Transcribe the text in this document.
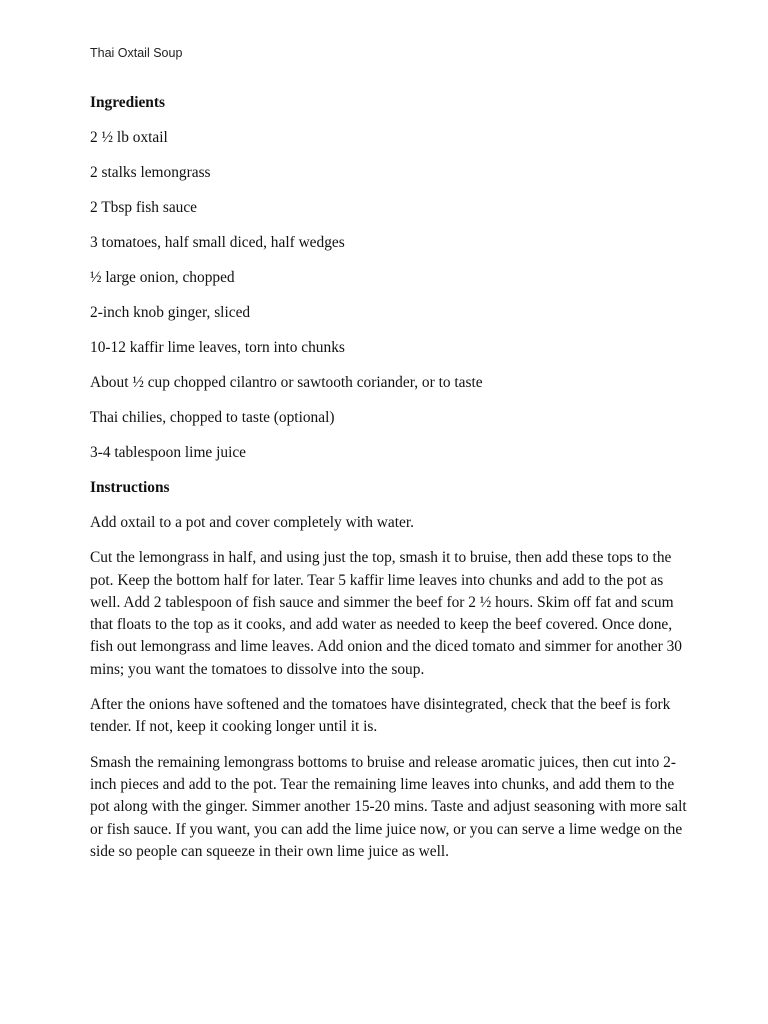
Thai Oxtail Soup
Ingredients
2 ½ lb oxtail
2 stalks lemongrass
2 Tbsp fish sauce
3 tomatoes, half small diced, half wedges
½ large onion, chopped
2-inch knob ginger, sliced
10-12 kaffir lime leaves, torn into chunks
About ½ cup chopped cilantro or sawtooth coriander, or to taste
Thai chilies, chopped to taste (optional)
3-4 tablespoon lime juice
Instructions

Add oxtail to a pot and cover completely with water.

Cut the lemongrass in half, and using just the top, smash it to bruise, then add these tops to the pot. Keep the bottom half for later. Tear 5 kaffir lime leaves into chunks and add to the pot as well. Add 2 tablespoon of fish sauce and simmer the beef for 2 ½ hours. Skim off fat and scum that floats to the top as it cooks, and add water as needed to keep the beef covered. Once done, fish out lemongrass and lime leaves. Add onion and the diced tomato and simmer for another 30 mins; you want the tomatoes to dissolve into the soup.

After the onions have softened and the tomatoes have disintegrated, check that the beef is fork tender. If not, keep it cooking longer until it is.

Smash the remaining lemongrass bottoms to bruise and release aromatic juices, then cut into 2-inch pieces and add to the pot. Tear the remaining lime leaves into chunks, and add them to the pot along with the ginger. Simmer another 15-20 mins. Taste and adjust seasoning with more salt or fish sauce. If you want, you can add the lime juice now, or you can serve a lime wedge on the side so people can squeeze in their own lime juice as well.
